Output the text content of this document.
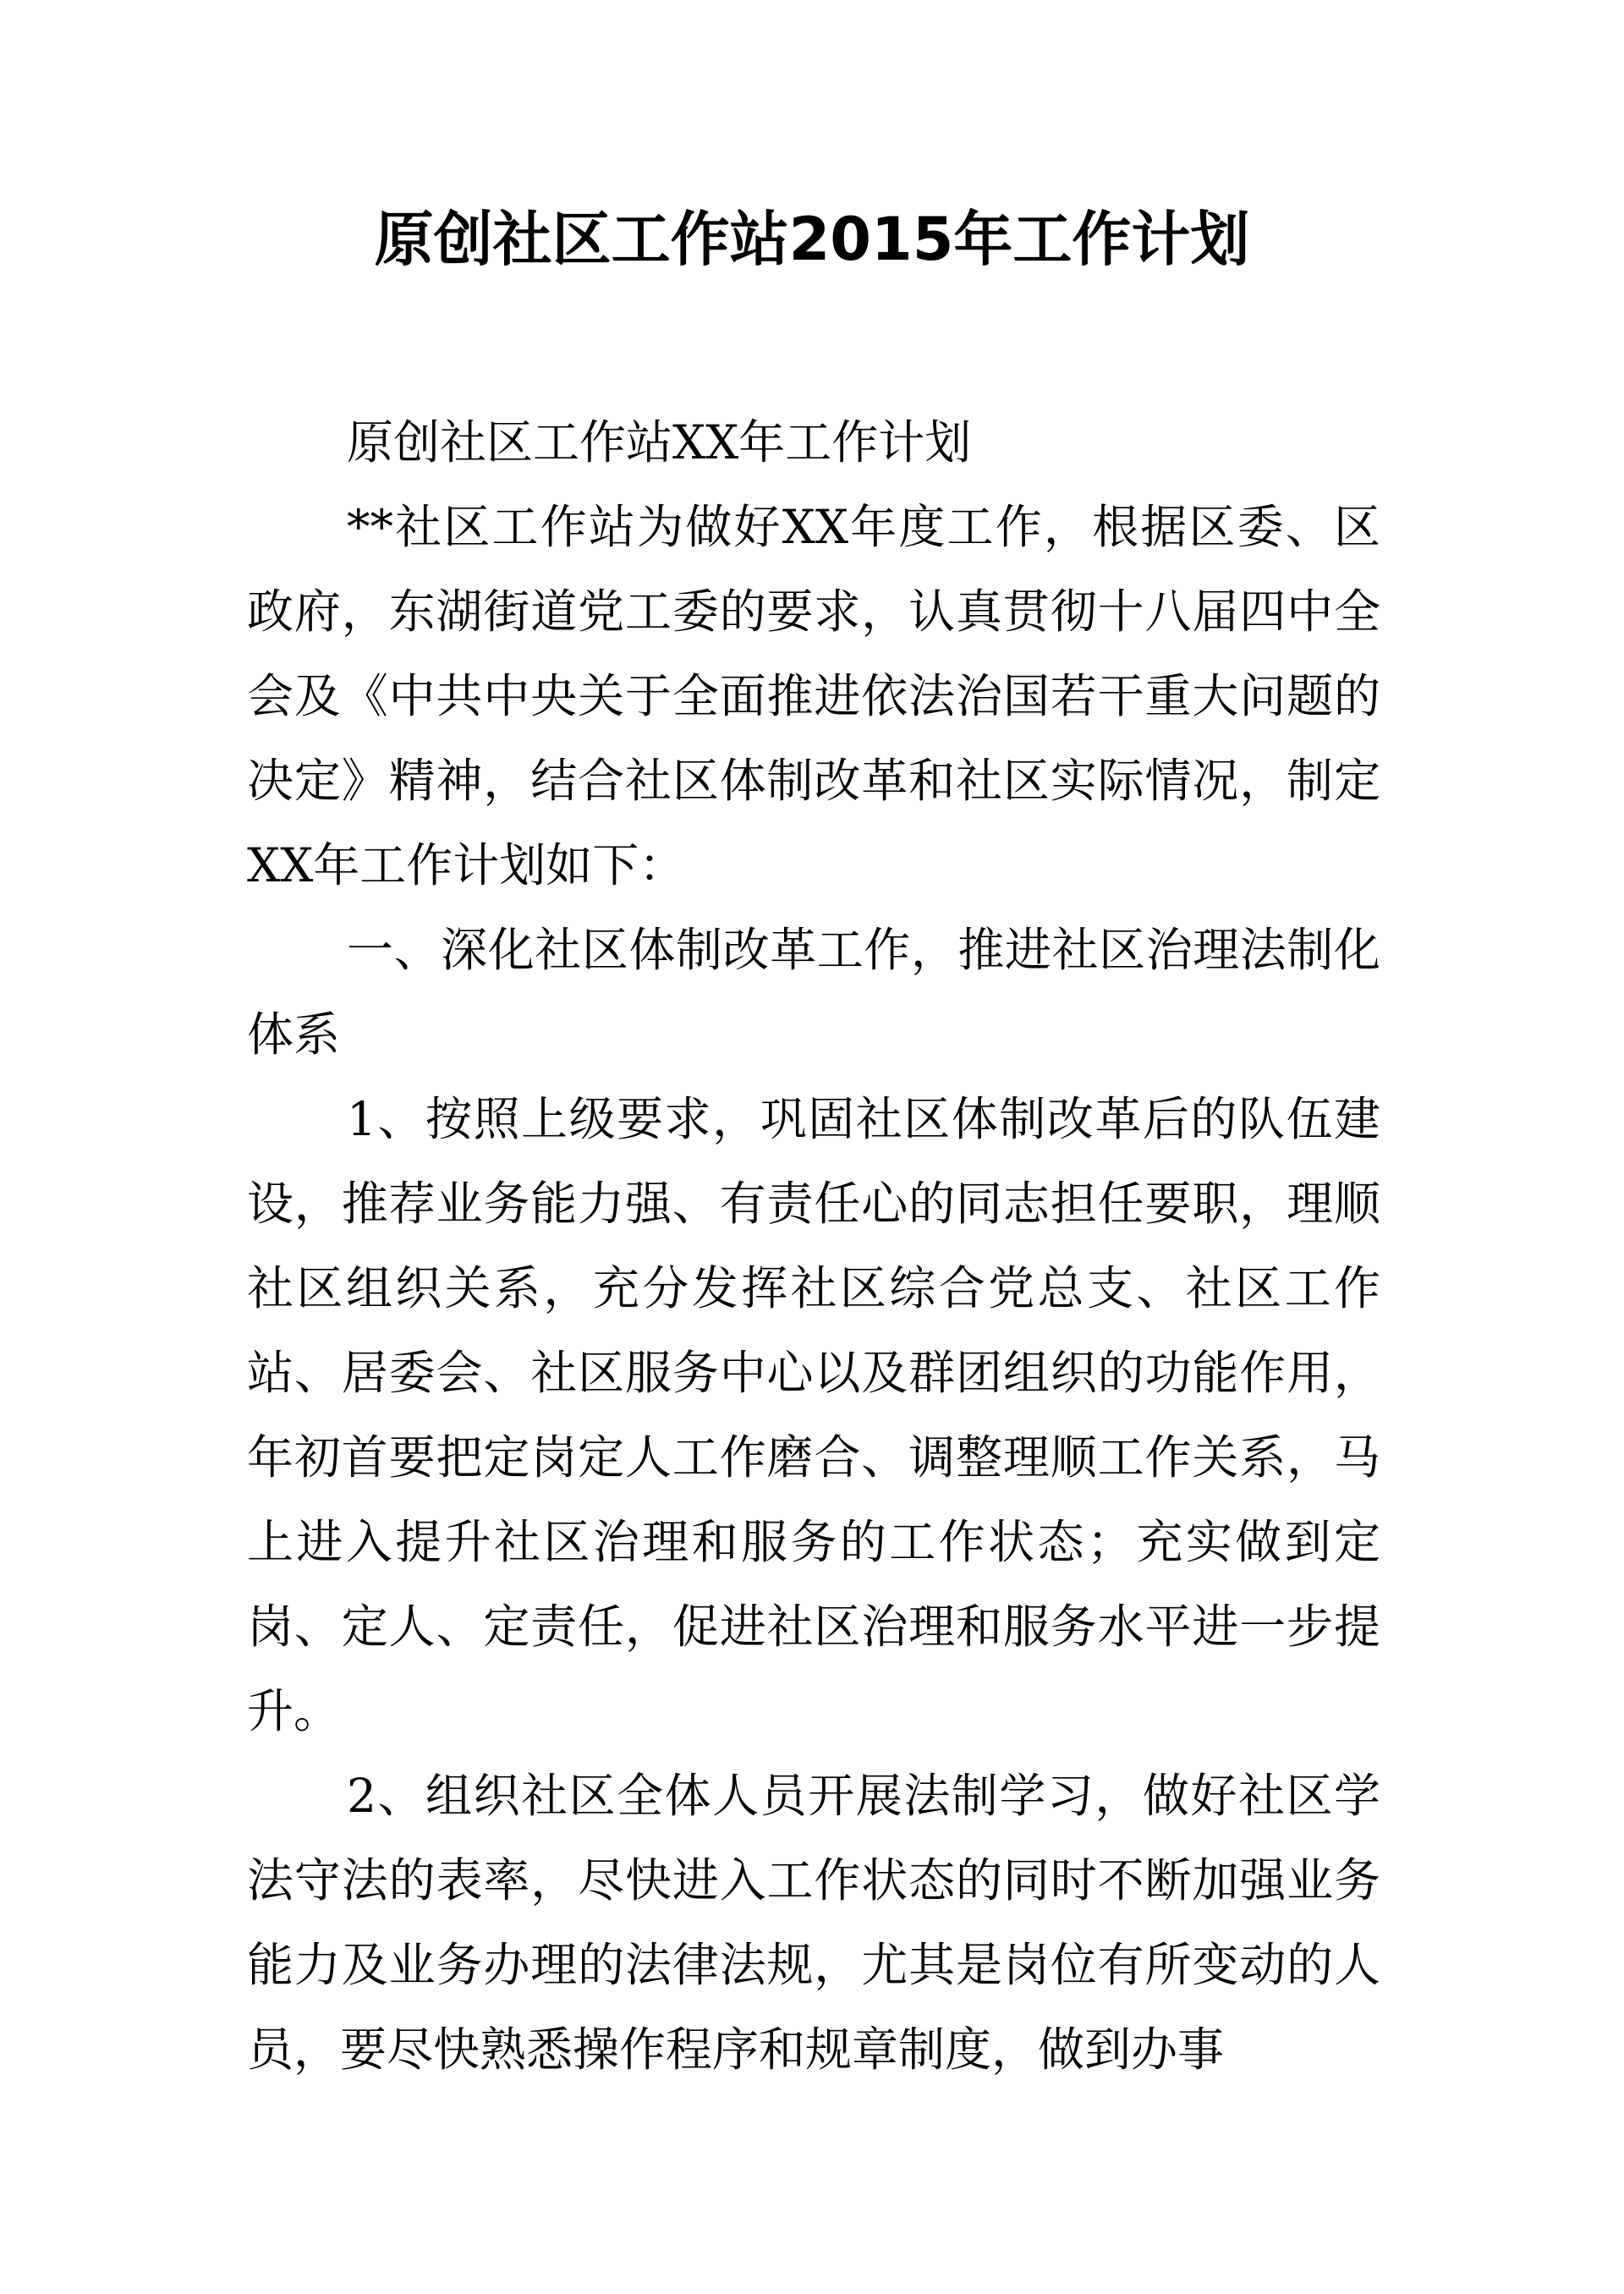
原创社区工作站2015年工作计划

原创社区工作站XX年工作计划

**社区工作站为做好XX年度工作，根据区委、区政府，东湖街道党工委的要求，认真贯彻十八届四中全会及《中共中央关于全面推进依法治国若干重大问题的决定》精神，结合社区体制改革和社区实际情况，制定XX年工作计划如下：

一、深化社区体制改革工作，推进社区治理法制化体系

1、按照上级要求，巩固社区体制改革后的队伍建设，推荐业务能力强、有责任心的同志担任要职，理顺社区组织关系，充分发挥社区综合党总支、社区工作站、居委会、社区服务中心以及群团组织的功能作用，年初首要把定岗定人工作磨合、调整理顺工作关系，马上进入提升社区治理和服务的工作状态；充实做到定岗、定人、定责任，促进社区治理和服务水平进一步提升。

2、组织社区全体人员开展法制学习，做好社区学法守法的表率，尽快进入工作状态的同时不断加强业务能力及业务办理的法律法规，尤其是岗位有所变动的人员，要尽快熟悉操作程序和规章制度，做到办事
